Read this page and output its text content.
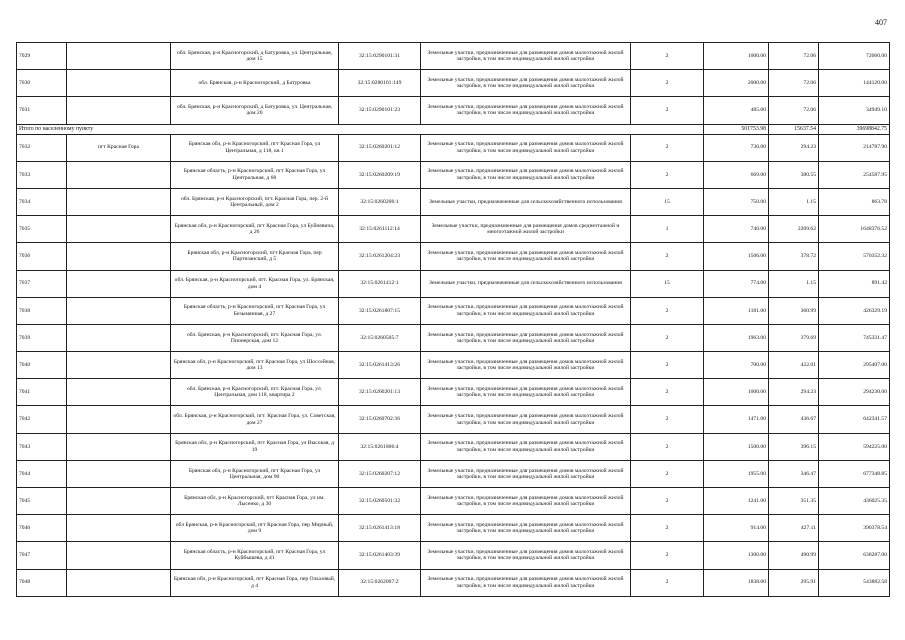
407
7029		обл. Брянская, р-н Красногорский, д Батуровка, ул. Центральная, дом 15	32:15:0290101:31	Земельные участки, предназначенные для размещения домов малоэтажной жилой застройки, в том числе индивидуальной жилой застройки	2	1000.00	72.06	72060.00
7030		обл. Брянская, р-н Красногорский, д Батуровка	32:15:0280101:149	Земельные участки, предназначенные для размещения домов малоэтажной жилой застройки, в том числе индивидуальной жилой застройки	2	2000.00	72.06	144120.00
7031		обл. Брянская, р-н Красногорский, д Батуровка, ул. Центральная, дом 20	32:15:0290101:23	Земельные участки, предназначенные для размещения домов малоэтажной жилой застройки, в том числе индивидуальной жилой застройки	2	485.00	72.06	34949.10
Итого по населенному пункту						501753.98	15637.54	39698842.75
7032	пгт Красная Гора	Брянская обл, р-н Красногорский, пгт Красная Гора, ул Центральная, д 118, кв 1	32:15:0260201:12	Земельные участки, предназначенные для размещения домов малоэтажной жилой застройки, в том числе индивидуальной жилой застройки	2	730.00	294.23	214787.90
7033		Брянская область, р-н Красногорский, пгт Красная Гора, ул Центральная, д 68	32:15:0260209:19	Земельные участки, предназначенные для размещения домов малоэтажной жилой застройки, в том числе индивидуальной жилой застройки	2	669.00	380.55	254587.95
7034		обл. Брянская, р-н Красногорский, пгт. Красная Гора, пер. 2-й Центральный, дом 2	32:15:0260206:1	Земельные участки, предназначенные для сельскохозяйственного использования	15	750.00	1.15	863.78
7035		Брянская обл, р-н Красногорский, пгт Красная Гора, ул Буйневича, д 26	32:15:0261112:14	Земельные участки, предназначенные для размещения домов среднеэтажной и многоэтажной жилой застройки	1	746.00	2209.62	1648376.52
7036		Брянская обл, р-н Красногорский, пгт Красная Гора, пер Партизанский, д 5	32:15:0261204:23	Земельные участки, предназначенные для размещения домов малоэтажной жилой застройки, в том числе индивидуальной жилой застройки	2	1506.00	378.72	570352.32
7037		обл. Брянская, р-н Красногорский, пгт. Красная Гора, ул. Брянская, дом 4	32:15:0261412:1	Земельные участки, предназначенные для сельскохозяйственного использования	15	774.00	1.15	891.42
7038		Брянская область, р-н Красногорский, пгт Красная Гора, ул Безымянная, д 27	32:15:0261807:15	Земельные участки, предназначенные для размещения домов малоэтажной жилой застройки, в том числе индивидуальной жилой застройки	2	1181.00	360.99	426329.19
7039		обл. Брянская, р-н Красногорский, пгт. Красная Гора, ул. Пионерская, дом 12	32:15:0260505:7	Земельные участки, предназначенные для размещения домов малоэтажной жилой застройки, в том числе индивидуальной жилой застройки	2	1963.00	379.69	745331.47
7040		Брянская обл, р-н Красногорский, пгт Красная Гора, ул Шоссейная, дом 13	32:15:0261413:26	Земельные участки, предназначенные для размещения домов малоэтажной жилой застройки, в том числе индивидуальной жилой застройки	2	700.00	422.01	295407.00
7041		обл. Брянская, р-н Красногорский, пгт. Красная Гора, ул. Центральная, дом 118, квартира 2	32:15:0260201:13	Земельные участки, предназначенные для размещения домов малоэтажной жилой застройки, в том числе индивидуальной жилой застройки	2	1000.00	294.23	294230.00
7042		обл. Брянская, р-н Красногорский, пгт. Красная Гора, ул. Советская, дом 27	32:15:0260702:36	Земельные участки, предназначенные для размещения домов малоэтажной жилой застройки, в том числе индивидуальной жилой застройки	2	1471.00	436.67	642341.57
7043		Брянская обл, р-н Красногорский, пгт Красная Гора, ул Высокая, д 19	32:15:0261806:4	Земельные участки, предназначенные для размещения домов малоэтажной жилой застройки, в том числе индивидуальной жилой застройки	2	1500.00	396.15	594225.00
7044		Брянская обл, р-н Красногорский, пгт Красная Гора, ул Центральная, дом 90	32:15:0260207:12	Земельные участки, предназначенные для размещения домов малоэтажной жилой застройки, в том числе индивидуальной жилой застройки	2	1955.00	346.47	677348.85
7045		Брянская обл, р-н Красногорский, пгт Красная Гора, ул им. Лысенко, д 30	32:15:0260501:32	Земельные участки, предназначенные для размещения домов малоэтажной жилой застройки, в том числе индивидуальной жилой застройки	2	1241.00	351.35	436025.35
7046		обл Брянская, р-н Красногорский, пгт Красная Гора, пер Мирный, дом 9	32:15:0261413:18	Земельные участки, предназначенные для размещения домов малоэтажной жилой застройки, в том числе индивидуальной жилой застройки	2	914.00	427.11	390378.54
7047		Брянская область, р-н Красногорский, пгт Красная Гора, ул Куйбышева, д 41	32:15:0261403:39	Земельные участки, предназначенные для размещения домов малоэтажной жилой застройки, в том числе индивидуальной жилой застройки	2	1300.00	490.99	638287.00
7048		Брянская обл, р-н Красногорский, пгт Красная Гора, пер Ольховый, д 4	32:15:0262007:2	Земельные участки, предназначенные для размещения домов малоэтажной жилой застройки, в том числе индивидуальной жилой застройки	2	1838.00	295.91	543882.58
